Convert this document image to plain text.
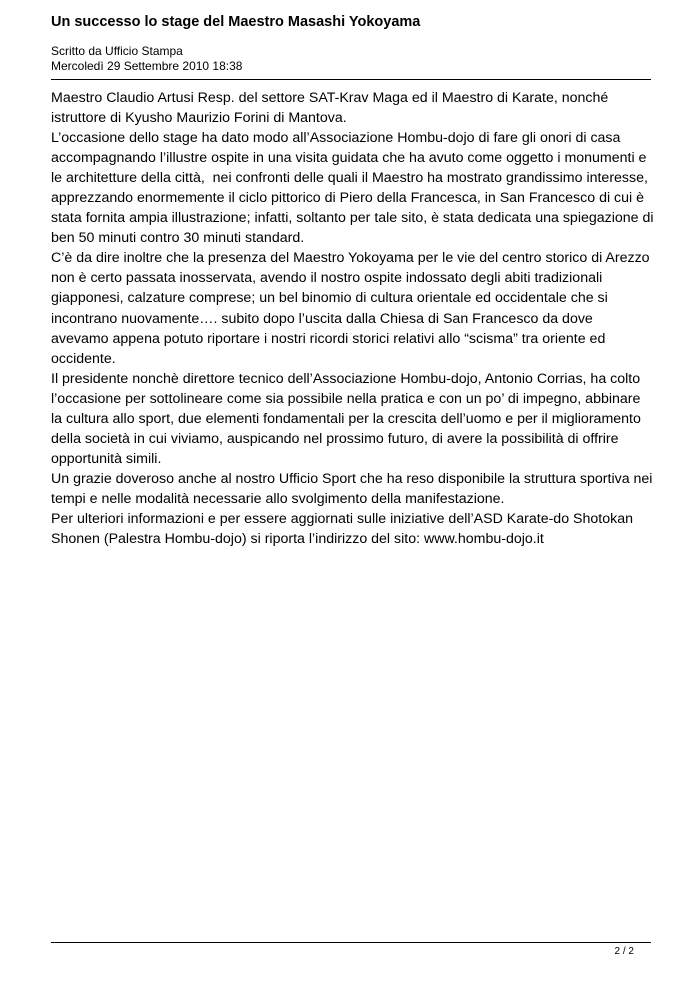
Un successo lo stage del Maestro Masashi Yokoyama
Scritto da Ufficio Stampa
Mercoledì 29 Settembre 2010 18:38
Maestro Claudio Artusi Resp. del settore SAT-Krav Maga ed il Maestro di Karate, nonché
istruttore di Kyusho Maurizio Forini di Mantova.
L’occasione dello stage ha dato modo all’Associazione Hombu-dojo di fare gli onori di casa
accompagnando l’illustre ospite in una visita guidata che ha avuto come oggetto i monumenti e
le architetture della città,  nei confronti delle quali il Maestro ha mostrato grandissimo interesse,
apprezzando enormemente il ciclo pittorico di Piero della Francesca, in San Francesco di cui è
stata fornita ampia illustrazione; infatti, soltanto per tale sito, è stata dedicata una spiegazione di
ben 50 minuti contro 30 minuti standard.
C’è da dire inoltre che la presenza del Maestro Yokoyama per le vie del centro storico di Arezzo
non è certo passata inosservata, avendo il nostro ospite indossato degli abiti tradizionali
giapponesi, calzature comprese; un bel binomio di cultura orientale ed occidentale che si
incontrano nuovamente…. subito dopo l’uscita dalla Chiesa di San Francesco da dove
avevamo appena potuto riportare i nostri ricordi storici relativi allo “scisma” tra oriente ed
occidente.
Il presidente nonchè direttore tecnico dell’Associazione Hombu-dojo, Antonio Corrias, ha colto
l’occasione per sottolineare come sia possibile nella pratica e con un po’ di impegno, abbinare
la cultura allo sport, due elementi fondamentali per la crescita dell’uomo e per il miglioramento
della società in cui viviamo, auspicando nel prossimo futuro, di avere la possibilità di offrire
opportunità simili.
Un grazie doveroso anche al nostro Ufficio Sport che ha reso disponibile la struttura sportiva nei
tempi e nelle modalità necessarie allo svolgimento della manifestazione.
Per ulteriori informazioni e per essere aggiornati sulle iniziative dell’ASD Karate-do Shotokan
Shonen (Palestra Hombu-dojo) si riporta l’indirizzo del sito: www.hombu-dojo.it
2 / 2
